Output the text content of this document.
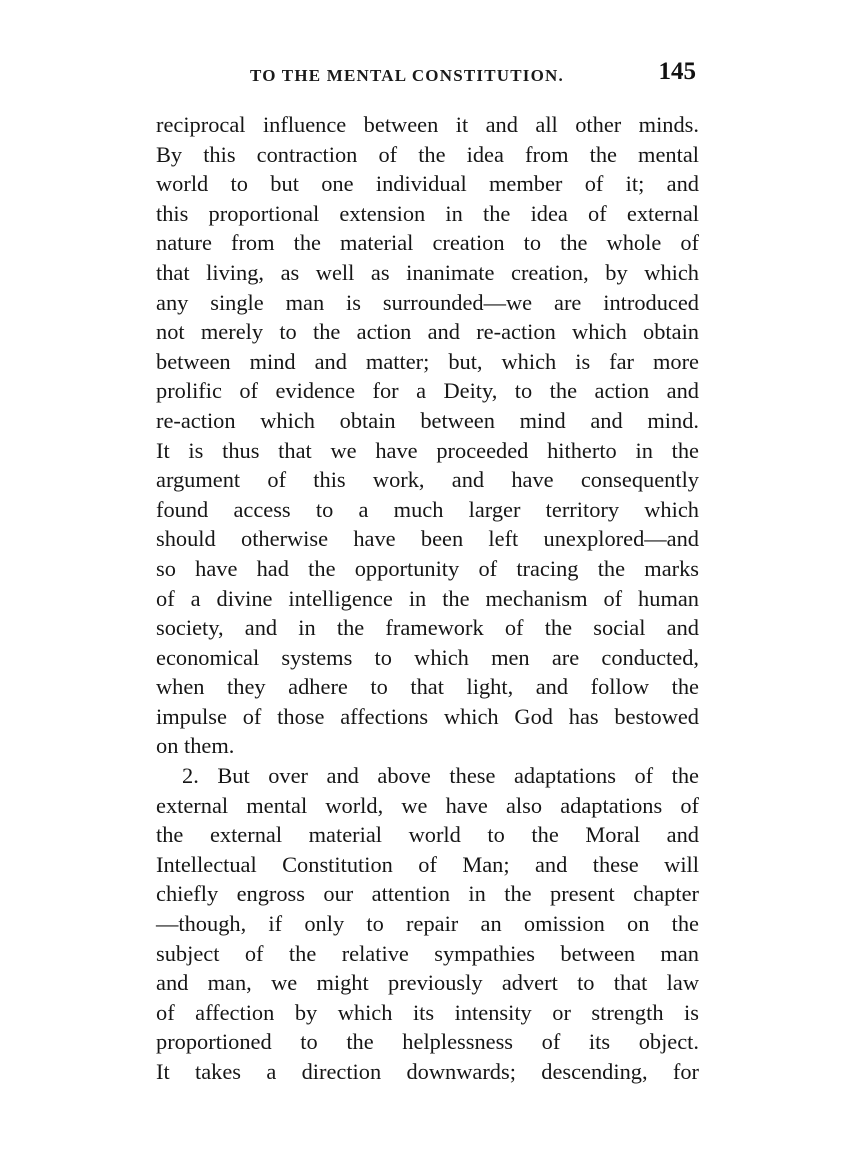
TO THE MENTAL CONSTITUTION.	145
reciprocal influence between it and all other minds.
By this contraction of the idea from the mental
world to but one individual member of it; and
this proportional extension in the idea of external
nature from the material creation to the whole of
that living, as well as inanimate creation, by which
any single man is surrounded—we are introduced
not merely to the action and re-action which obtain
between mind and matter; but, which is far more
prolific of evidence for a Deity, to the action and
re-action which obtain between mind and mind.
It is thus that we have proceeded hitherto in the
argument of this work, and have consequently
found access to a much larger territory which
should otherwise have been left unexplored—and
so have had the opportunity of tracing the marks
of a divine intelligence in the mechanism of human
society, and in the framework of the social and
economical systems to which men are conducted,
when they adhere to that light, and follow the
impulse of those affections which God has bestowed
on them.
2. But over and above these adaptations of the
external mental world, we have also adaptations of
the external material world to the Moral and
Intellectual Constitution of Man; and these will
chiefly engross our attention in the present chapter
—though, if only to repair an omission on the
subject of the relative sympathies between man
and man, we might previously advert to that law
of affection by which its intensity or strength is
proportioned to the helplessness of its object.
It takes a direction downwards; descending, for
